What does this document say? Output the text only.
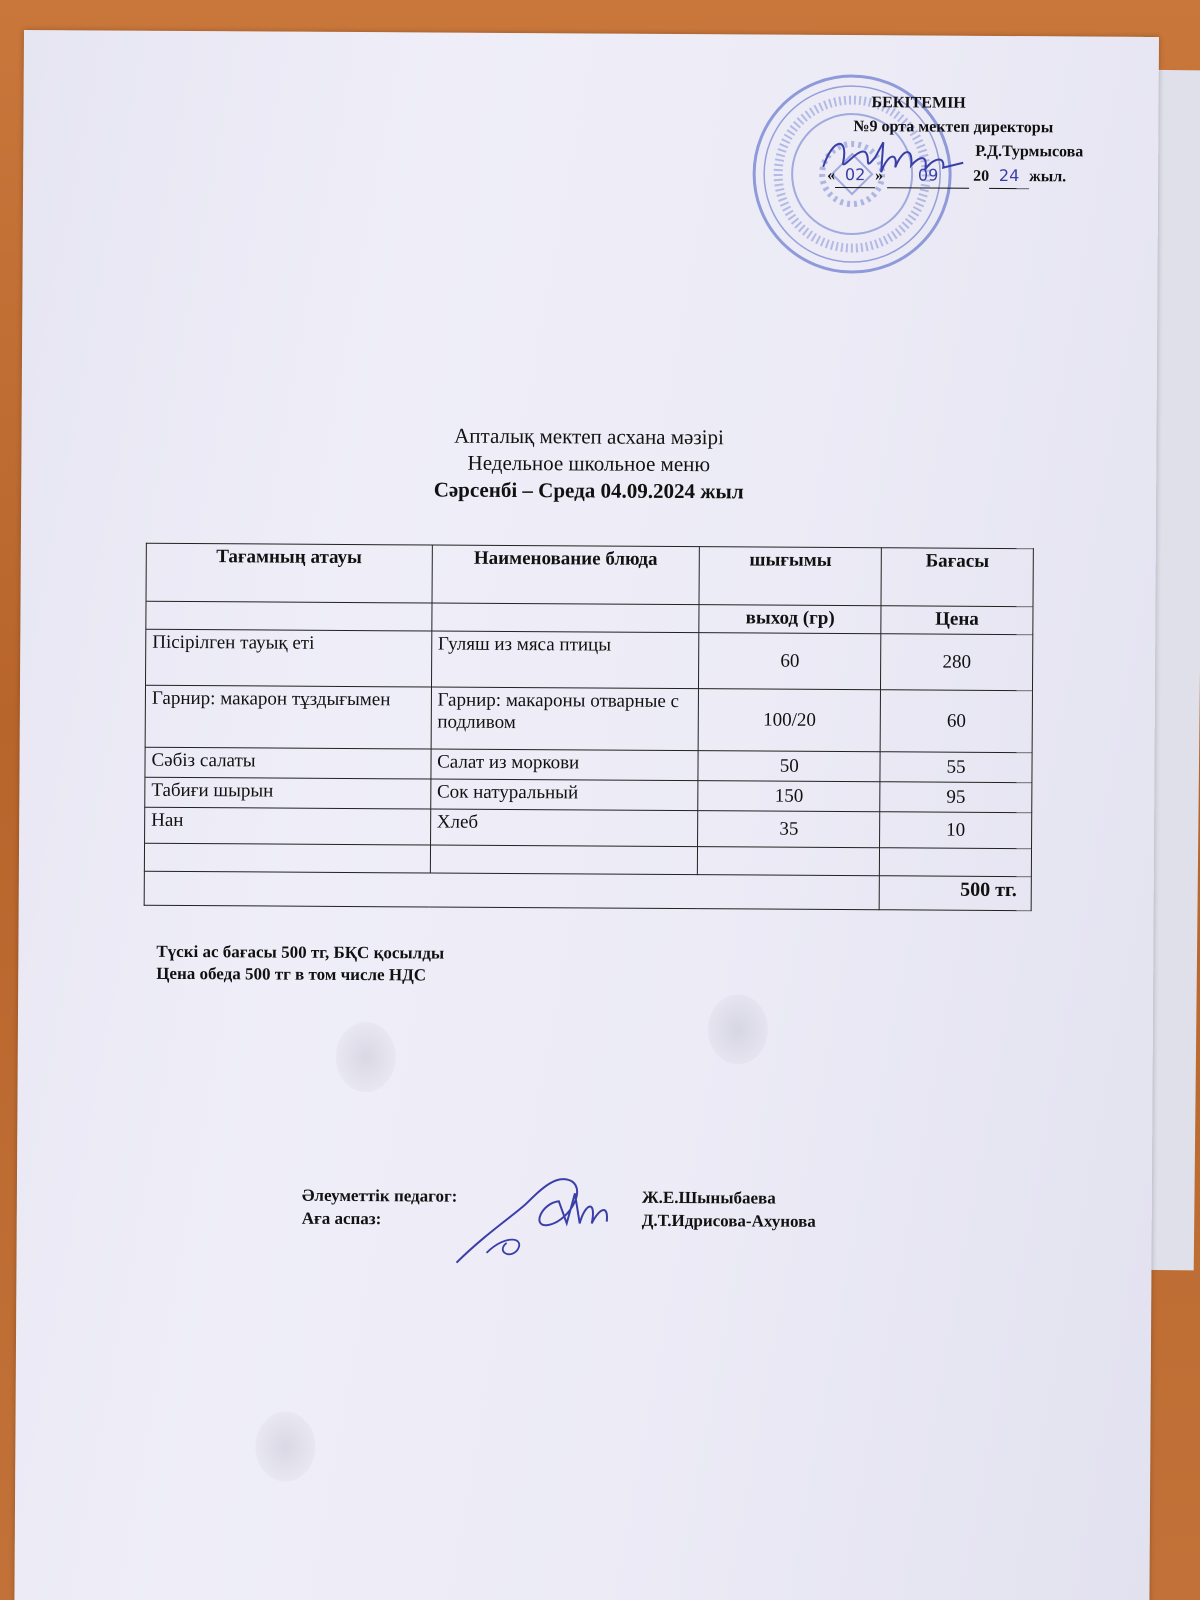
БЕКІТЕМІН
№9 орта мектеп директоры
Р.Д.Турмысова
« 02 » 09 20 24 жыл.
Апталық мектеп асхана мәзірі
Недельное школьное меню
Сәрсенбі – Среда 04.09.2024 жыл
Тағамның атауы	Наименование блюда	шығымы	Бағасы
		выход (гр)	Цена
Пісірілген тауық еті	Гуляш из мяса птицы	60	280
Гарнир: макарон тұздығымен	Гарнир: макароны отварные с подливом	100/20	60
Сәбіз салаты	Салат из моркови	50	55
Табиғи шырын	Сок натуральный	150	95
Нан	Хлеб	35	10

			500 тг.
Түскі ас бағасы 500 тг, БҚС қосылды
Цена обеда 500 тг в том числе НДС
Әлеуметтік педагог:	Ж.Е.Шыныбаева
Аға аспаз:	Д.Т.Идрисова-Ахунова
